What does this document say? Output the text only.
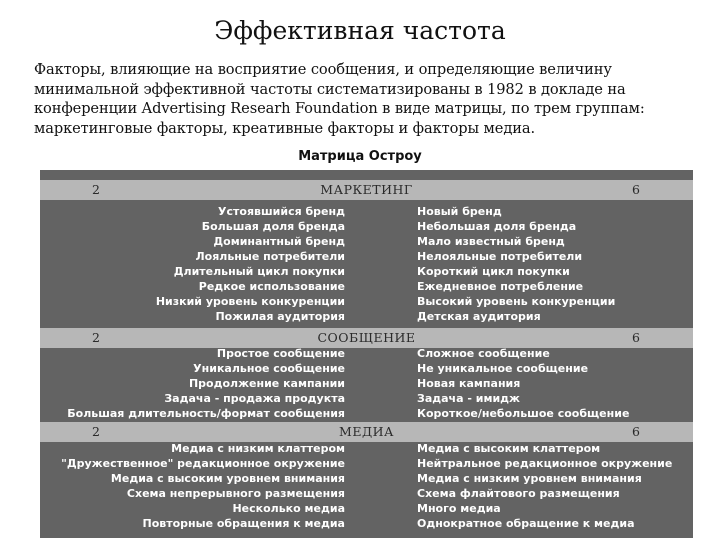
Эффективная частота
Факторы, влияющие на восприятие сообщения, и определяющие величину минимальной эффективной частоты систематизированы в 1982 в докладе на конференции Advertising Researh Foundation в виде матрицы, по трем группам: маркетинговые факторы, креативные факторы и факторы медиа.
Матрица Остроу
2	МАРКЕТИНГ	6
Устоявшийся бренд	Новый бренд
Большая доля бренда	Небольшая доля бренда
Доминантный бренд	Мало известный бренд
Лояльные потребители	Нелояльные потребители
Длительный цикл покупки	Короткий цикл покупки
Редкое использование	Ежедневное потребление
Низкий уровень конкуренции	Высокий уровень конкуренции
Пожилая аудитория	Детская аудитория
2	СООБЩЕНИЕ	6
Простое сообщение	Сложное сообщение
Уникальное сообщение	Не уникальное сообщение
Продолжение кампании	Новая кампания
Задача - продажа продукта	Задача - имидж
Большая длительность/формат сообщения	Короткое/небольшое сообщение
2	МЕДИА	6
Медиа с низким клаттером	Медиа с высоким клаттером
"Дружественное" редакционное окружение	Нейтральное редакционное окружение
Медиа с высоким уровнем внимания	Медиа с низким уровнем внимания
Схема непрерывного размещения	Схема флайтового размещения
Несколько медиа	Много медиа
Повторные обращения к медиа	Однократное обращение к медиа
